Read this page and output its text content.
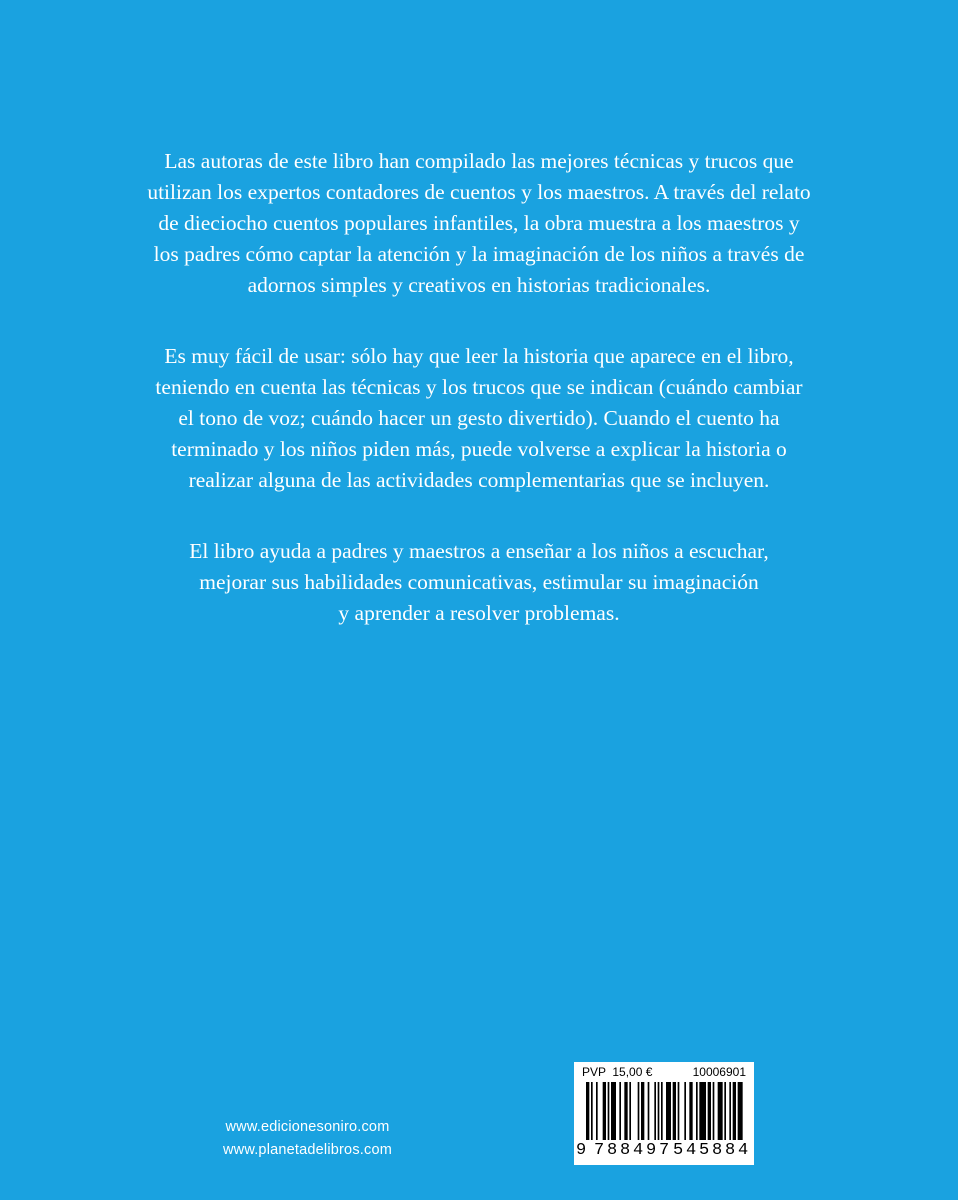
Las autoras de este libro han compilado las mejores técnicas y trucos que
utilizan los expertos contadores de cuentos y los maestros. A través del relato
de dieciocho cuentos populares infantiles, la obra muestra a los maestros y
los padres cómo captar la atención y la imaginación de los niños a través de
adornos simples y creativos en historias tradicionales.

Es muy fácil de usar: sólo hay que leer la historia que aparece en el libro,
teniendo en cuenta las técnicas y los trucos que se indican (cuándo cambiar
el tono de voz; cuándo hacer un gesto divertido). Cuando el cuento ha
terminado y los niños piden más, puede volverse a explicar la historia o
realizar alguna de las actividades complementarias que se incluyen.

El libro ayuda a padres y maestros a enseñar a los niños a escuchar,
mejorar sus habilidades comunicativas, estimular su imaginación
y aprender a resolver problemas.

www.edicionesoniro.com
www.planetadelibros.com
PVP 15,00 €	10006901
9 788497 545884
